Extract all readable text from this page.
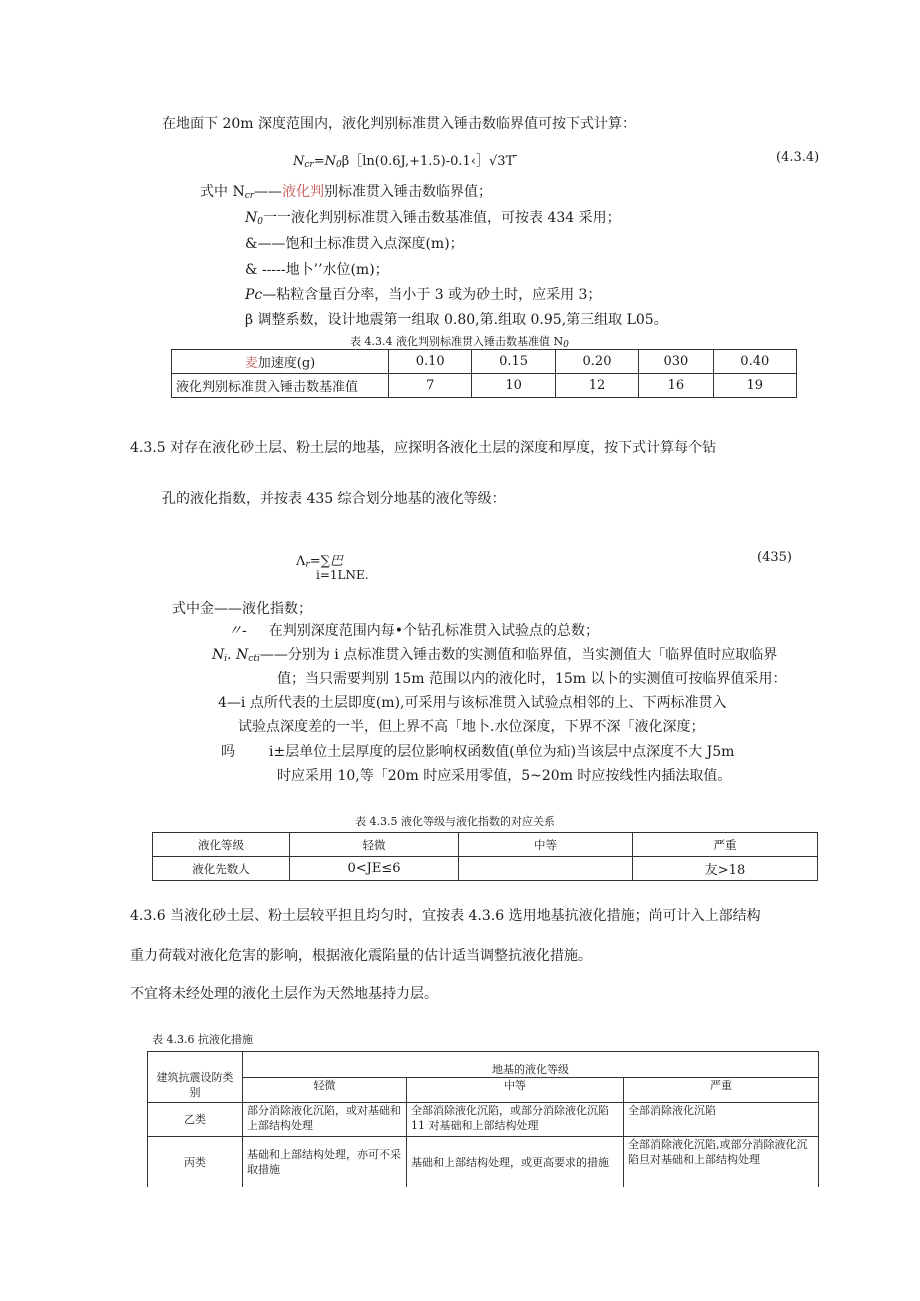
在地面下 20m 深度范围内，液化判别标准贯入锤击数临界值可按下式计算：
$N_{cr}=N_0\beta[\ln(0.6J,+1.5)-0.1‹]√3T$ ̄	(4.3.4)
式中 $N_{cr}——$液化判别标准贯入锤击数临界值；
$N_0$一一液化判别标准贯入锤击数基准值，可按表 434 采用；
&——饱和土标准贯入点深度(m)；
& -----地卜’’水位(m)；
Pc—粘粒含量百分率，当小于 3 或为砂土时，应采用 3；
β 调整系数，设计地震第一组取 0.80,第.组取 0.95,第三组取 L05。
表 4.3.4 液化判别标准贯入锤击数基准值 $N_0$
麦加速度(g)	0.10	0.15	0.20	030	0.40
液化判别标准贯入锤击数基准值	7	10	12	16	19
4.3.5 对存在液化砂土层、粉土层的地基，应探明各液化土层的深度和厚度，按下式计算每个钻
孔的液化指数，并按表 435 综合划分地基的液化等级：
$\Lambda_r=\sum$巴
i=1LNE.
(435)
式中金——液化指数；
〃- 在判别深度范围内每•个钻孔标准贯入试验点的总数；
$N_i$. $N_{cti}——$分别为 i 点标准贯入锤击数的实测值和临界值，当实测值大「临界值时应取临界
值；当只需要判别 15m 范围以内的液化时，15m 以卜的实测值可按临界值采用：
4—i 点所代表的土层即度(m),可采用与该标准贯入试验点相邻的上、下两标准贯入
试验点深度差的一半，但上界不高「地卜.水位深度，下界不深「液化深度；
吗 i±层单位土层厚度的层位影响权函数值(单位为疝)当该层中点深度不大 J5m
时应采用 10,等「20m 时应采用零值，5~20m 时应按线性内插法取值。
表 4.3.5 液化等级与液化指数的对应关系
液化等级	轻微	中等	严重
液化先数人	0<JE≤6		友>18
4.3.6 当液化砂土层、粉土层较平担且均匀时，宜按表 4.3.6 选用地基抗液化措施；尚可计入上部结构
重力荷载对液化危害的影响，根据液化震陷量的估计适当调整抗液化措施。
不宜将未经处理的液化土层作为天然地基持力层。
表 4.3.6 抗液化措施
建筑抗震设防类别	地基的液化等级		
	轻微	中等	严重
乙类	部分消除液化沉陷，或对基础和上部结构处理	全部消除液化沉陷，或部分消除液化沉陷 11 对基础和上部结构处理	全部消除液化沉陷
丙类	基础和上部结构处理，亦可不采取措施	基础和上部结构处理，或更高要求的措施	全部消除液化沉陷,或部分消除液化沉陷旦对基础和上部结构处理
